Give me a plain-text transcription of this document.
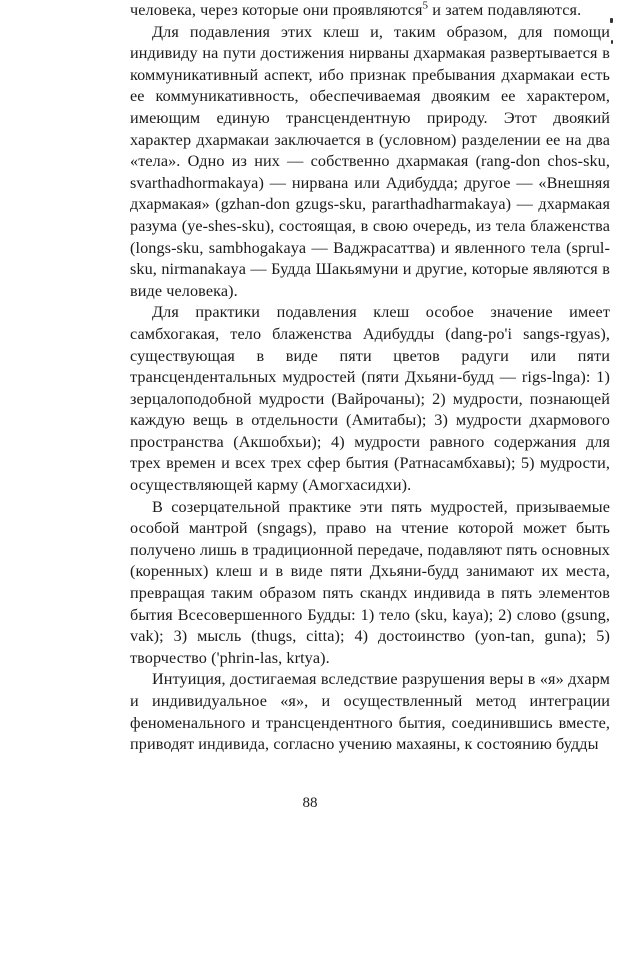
человека, через которые они проявляются$^5$ и затем подавляются.

Для подавления этих клеш и, таким образом, для помощи индивиду на пути достижения нирваны дхармакая развертывается в коммуникативный аспект, ибо признак пребывания дхармакаи есть ее коммуникативность, обеспечиваемая двояким ее характером, имеющим единую трансцендентную природу. Этот двоякий характер дхармакаи заключается в (условном) разделении ее на два «тела». Одно из них — собственно дхармакая (rang-don chos-sku, svarthadhormakaya) — нирвана или Адибудда; другое — «Внешняя дхармакая» (gzhan-don gzugs-sku, pararthadharmakaya) — дхармакая разума (ye-shes-sku), состоящая, в свою очередь, из тела блаженства (longs-sku, sambhogakaya — Ваджрасаттва) и явленного тела (sprul-sku, nirmanakaya — Будда Шакьямуни и другие, которые являются в виде человека).

Для практики подавления клеш особое значение имеет самбхогакая, тело блаженства Адибудды (dang-po'i sangs-rgyas), существующая в виде пяти цветов радуги или пяти трансцендентальных мудростей (пяти Дхьяни-будд — rigs-lnga): 1) зерцалоподобной мудрости (Вайрочаны); 2) мудрости, познающей каждую вещь в отдельности (Амитабы); 3) мудрости дхармового пространства (Акшобхьи); 4) мудрости равного содержания для трех времен и всех трех сфер бытия (Ратнасамбхавы); 5) мудрости, осуществляющей карму (Амогхасидхи).

В созерцательной практике эти пять мудростей, призываемые особой мантрой (sngags), право на чтение которой может быть получено лишь в традиционной передаче, подавляют пять основных (коренных) клеш и в виде пяти Дхьяни-будд занимают их места, превращая таким образом пять скандх индивида в пять элементов бытия Всесовершенного Будды: 1) тело (sku, kaya); 2) слово (gsung, vak); 3) мысль (thugs, citta); 4) достоинство (yon-tan, guna); 5) творчество ('phrin-las, krtya).

Интуиция, достигаемая вследствие разрушения веры в «я» дхарм и индивидуальное «я», и осуществленный метод интеграции феноменального и трансцендентного бытия, соединившись вместе, приводят индивида, согласно учению махаяны, к состоянию будды

88
